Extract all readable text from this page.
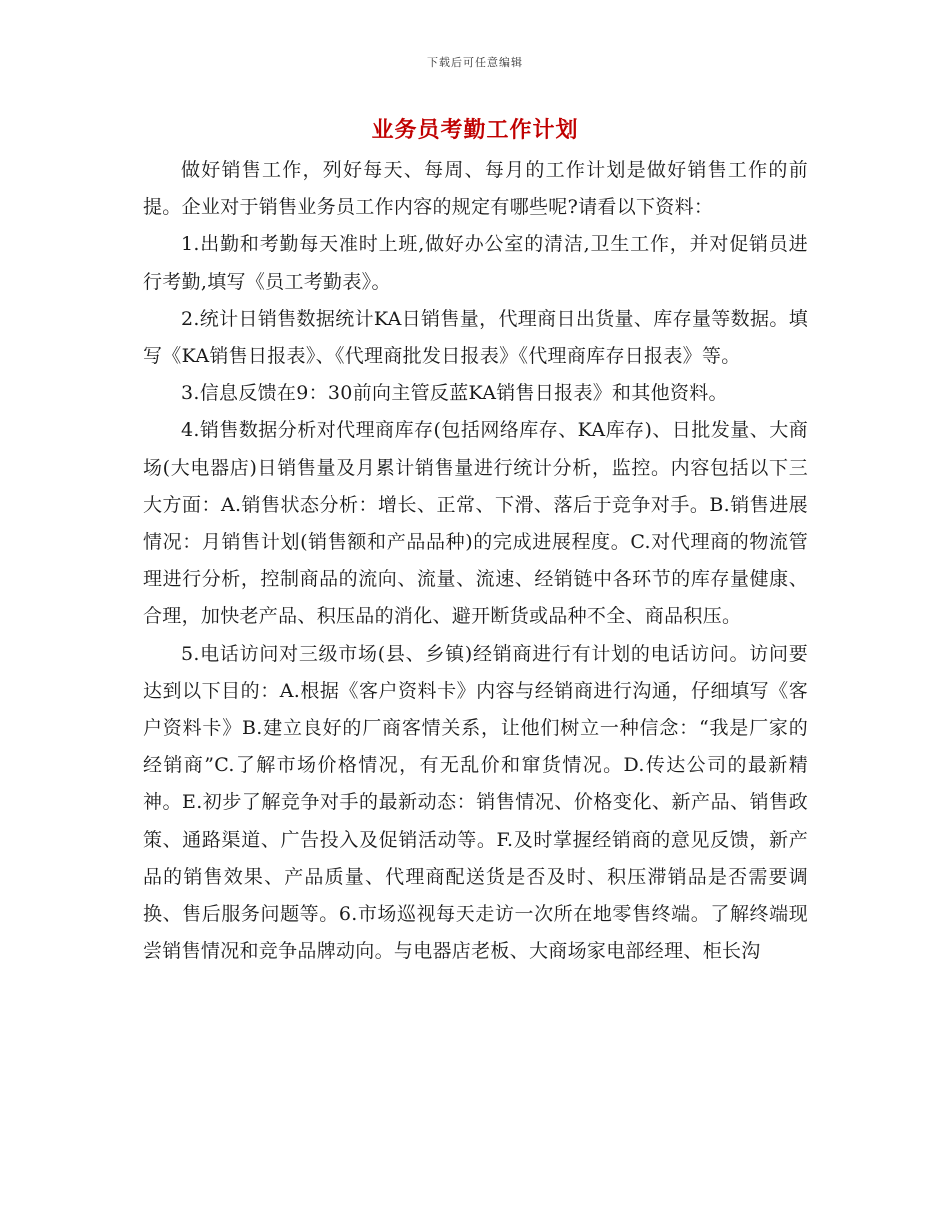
下载后可任意编辑
业务员考勤工作计划

做好销售工作，列好每天、每周、每月的工作计划是做好销售工作的前提。企业对于销售业务员工作内容的规定有哪些呢?请看以下资料：

1.出勤和考勤每天准时上班,做好办公室的清洁,卫生工作，并对促销员进行考勤,填写《员工考勤表》。

2.统计日销售数据统计KA日销售量，代理商日出货量、库存量等数据。填写《KA销售日报表》、《代理商批发日报表》《代理商库存日报表》等。

3.信息反馈在9：30前向主管反蓝KA销售日报表》和其他资料。

4.销售数据分析对代理商库存(包括网络库存、KA库存)、日批发量、大商场(大电器店)日销售量及月累计销售量进行统计分析，监控。内容包括以下三大方面：A.销售状态分析：增长、正常、下滑、落后于竞争对手。B.销售进展情况：月销售计划(销售额和产品品种)的完成进展程度。C.对代理商的物流管理进行分析，控制商品的流向、流量、流速、经销链中各环节的库存量健康、合理，加快老产品、积压品的消化、避开断货或品种不全、商品积压。

5.电话访问对三级市场(县、乡镇)经销商进行有计划的电话访问。访问要达到以下目的：A.根据《客户资料卡》内容与经销商进行沟通，仔细填写《客户资料卡》B.建立良好的厂商客情关系，让他们树立一种信念：“我是厂家的经销商”C.了解市场价格情况，有无乱价和窜货情况。D.传达公司的最新精神。E.初步了解竞争对手的最新动态：销售情况、价格变化、新产品、销售政策、通路渠道、广告投入及促销活动等。F.及时掌握经销商的意见反馈，新产品的销售效果、产品质量、代理商配送货是否及时、积压滞销品是否需要调换、售后服务问题等。6.市场巡视每天走访一次所在地零售终端。了解终端现尝销售情况和竞争品牌动向。与电器店老板、大商场家电部经理、柜长沟
